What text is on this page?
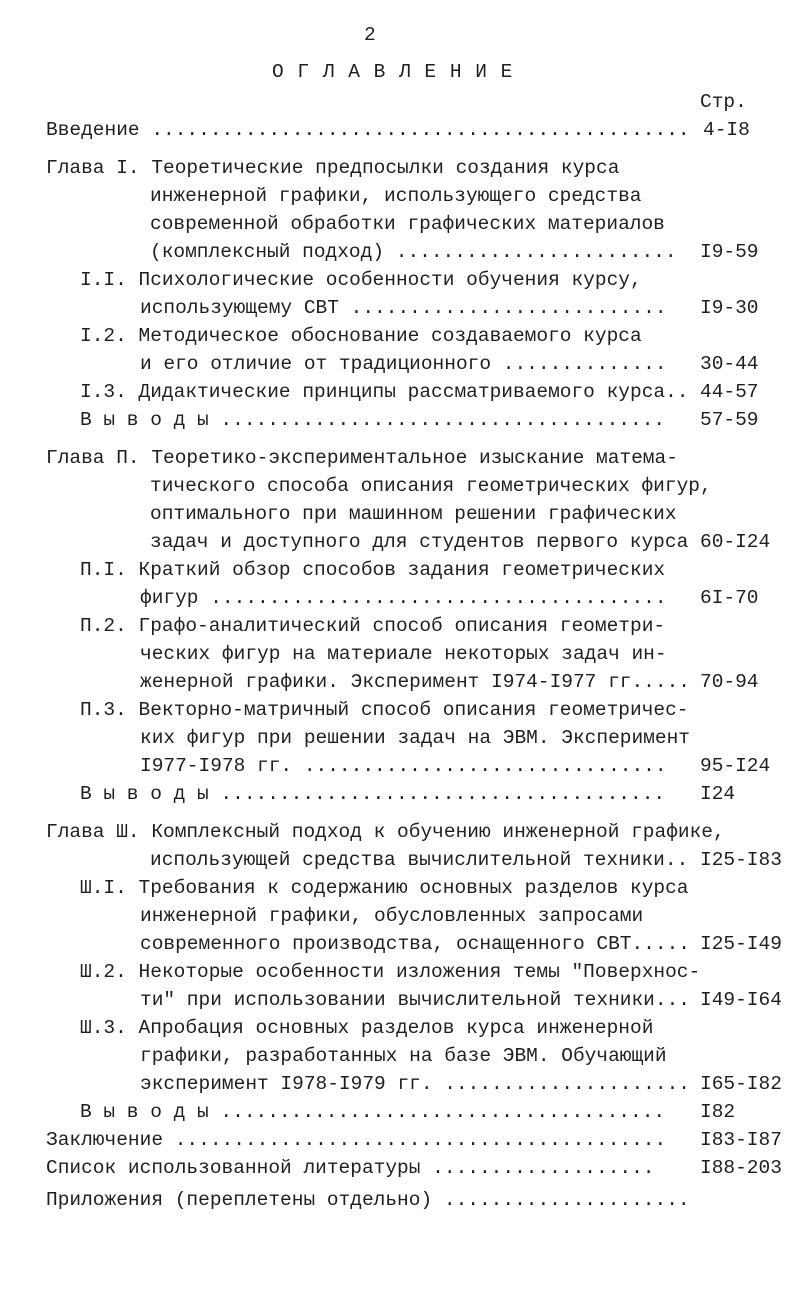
2
О Г Л А В Л Е Н И Е
Стр.
Введение .............................................. 4-I8
Глава I. Теоретические предпосылки создания курса
инженерной графики, использующего средства
современной обработки графических материалов
(комплексный подход) ........................ I9-59
I.I. Психологические особенности обучения курсу,
использующему СВТ ........................... I9-30
I.2. Методическое обоснование создаваемого курса
и его отличие от традиционного .............. 30-44
I.3. Дидактические принципы рассматриваемого курса.. 44-57
В ы в о д ы ...................................... 57-59
Глава П. Теоретико-экспериментальное изыскание матема-
тического способа описания геометрических фигур,
оптимального при машинном решении графических
задач и доступного для студентов первого курса 60-I24
П.I. Краткий обзор способов задания геометрических
фигур ....................................... 6I-70
П.2. Графо-аналитический способ описания геометри-
ческих фигур на материале некоторых задач ин-
женерной графики. Эксперимент I974-I977 гг..... 70-94
П.3. Векторно-матричный способ описания геометричес-
ких фигур при решении задач на ЭВМ. Эксперимент
I977-I978 гг. ............................... 95-I24
В ы в о д ы ...................................... I24
Глава Ш. Комплексный подход к обучению инженерной графике,
использующей средства вычислительной техники.. I25-I83
Ш.I. Требования к содержанию основных разделов курса
инженерной графики, обусловленных запросами
современного производства, оснащенного СВТ..... I25-I49
Ш.2. Некоторые особенности изложения темы "Поверхнос-
ти" при использовании вычислительной техники... I49-I64
Ш.3. Апробация основных разделов курса инженерной
графики, разработанных на базе ЭВМ. Обучающий
эксперимент I978-I979 гг. ..................... I65-I82
В ы в о д ы ...................................... I82
Заключение .......................................... I83-I87
Список использованной литературы ................... I88-203
Приложения (переплетены отдельно) .....................
